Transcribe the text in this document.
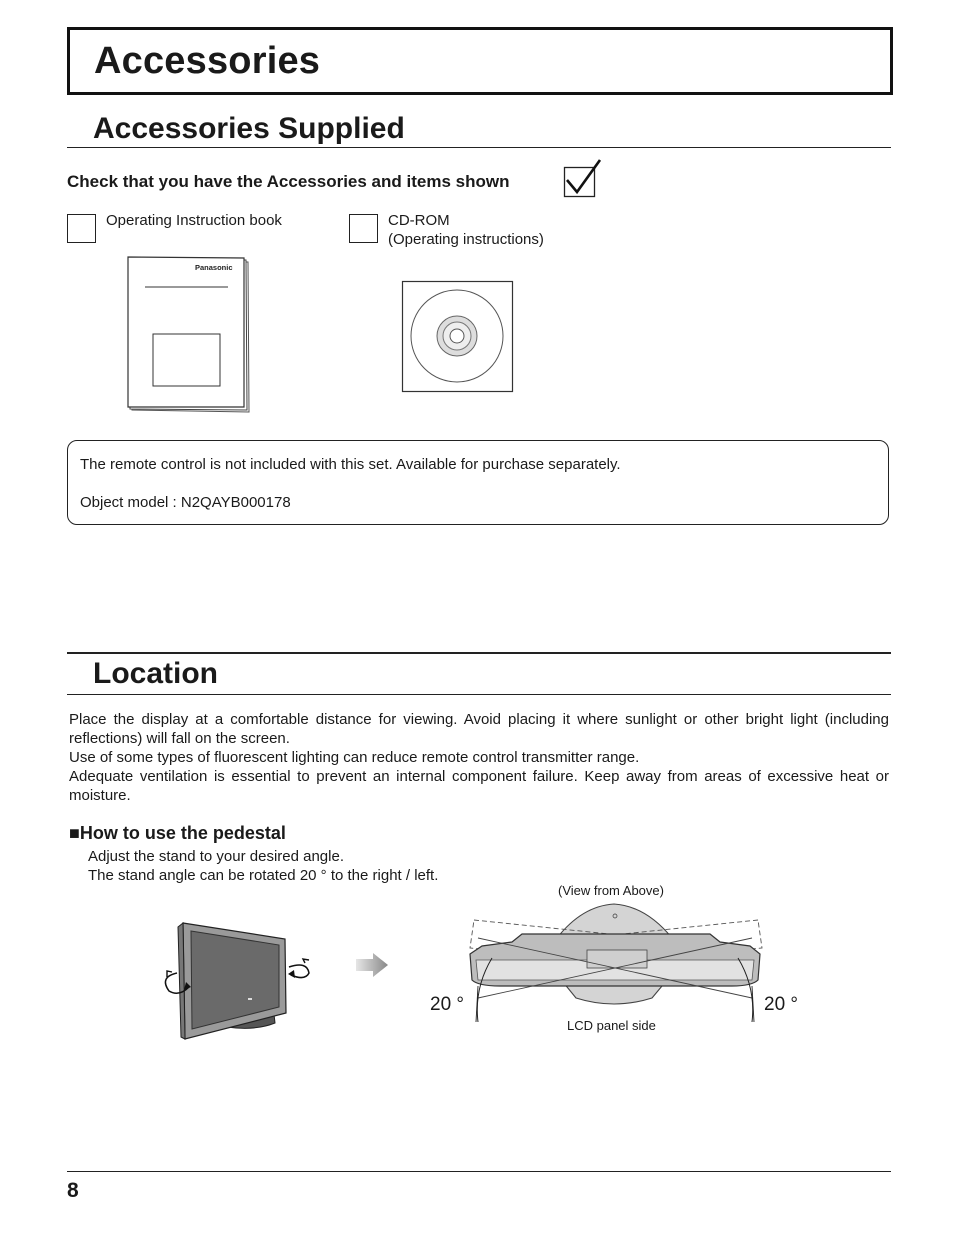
Accessories
Accessories Supplied
Check that you have the Accessories and items shown
Operating Instruction book
Panasonic
CD-ROM
(Operating instructions)
The remote control is not included with this set. Available for purchase separately.
Object model : N2QAYB000178
Location
Place the display at a comfortable distance for viewing. Avoid placing it where sunlight or other bright light (including reflections) will fall on the screen.
Use of some types of fluorescent lighting can reduce remote control transmitter range.
Adequate ventilation is essential to prevent an internal component failure. Keep away from areas of excessive heat or moisture.
■How to use the pedestal
Adjust the stand to your desired angle.
The stand angle can be rotated 20 ° to the right / left.
(View from Above)
20 °	20 °
LCD panel side
8
